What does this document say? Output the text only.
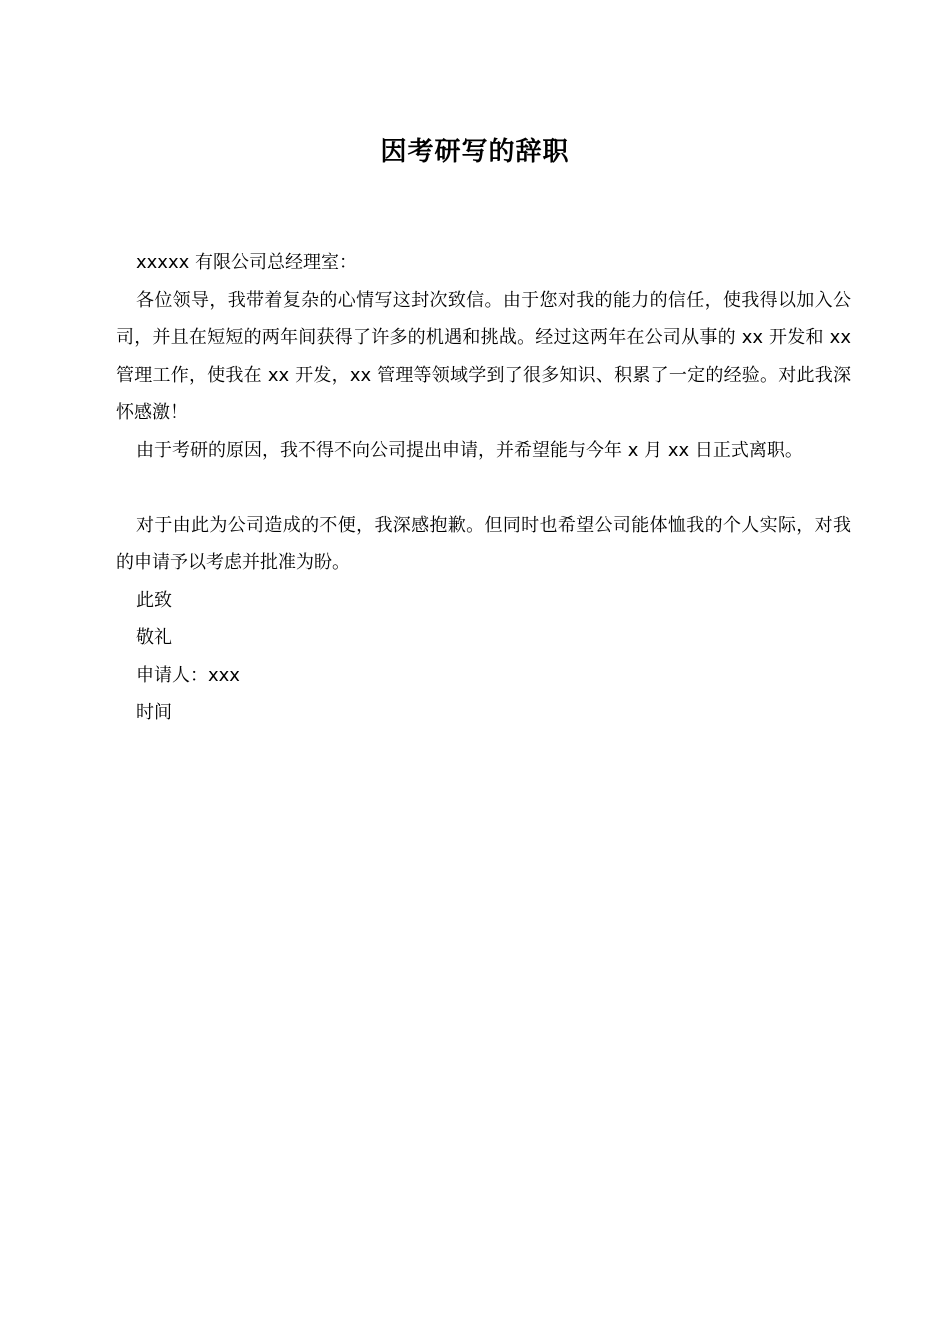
因考研写的辞职

xxxxx 有限公司总经理室：

各位领导，我带着复杂的心情写这封次致信。由于您对我的能力的信任，使我得以加入公司，并且在短短的两年间获得了许多的机遇和挑战。经过这两年在公司从事的 xx 开发和 xx 管理工作，使我在 xx 开发，xx 管理等领域学到了很多知识、积累了一定的经验。对此我深怀感激！

由于考研的原因，我不得不向公司提出申请，并希望能与今年 x 月 xx 日正式离职。

对于由此为公司造成的不便，我深感抱歉。但同时也希望公司能体恤我的个人实际，对我的申请予以考虑并批准为盼。

此致

敬礼

申请人：xxx

时间
